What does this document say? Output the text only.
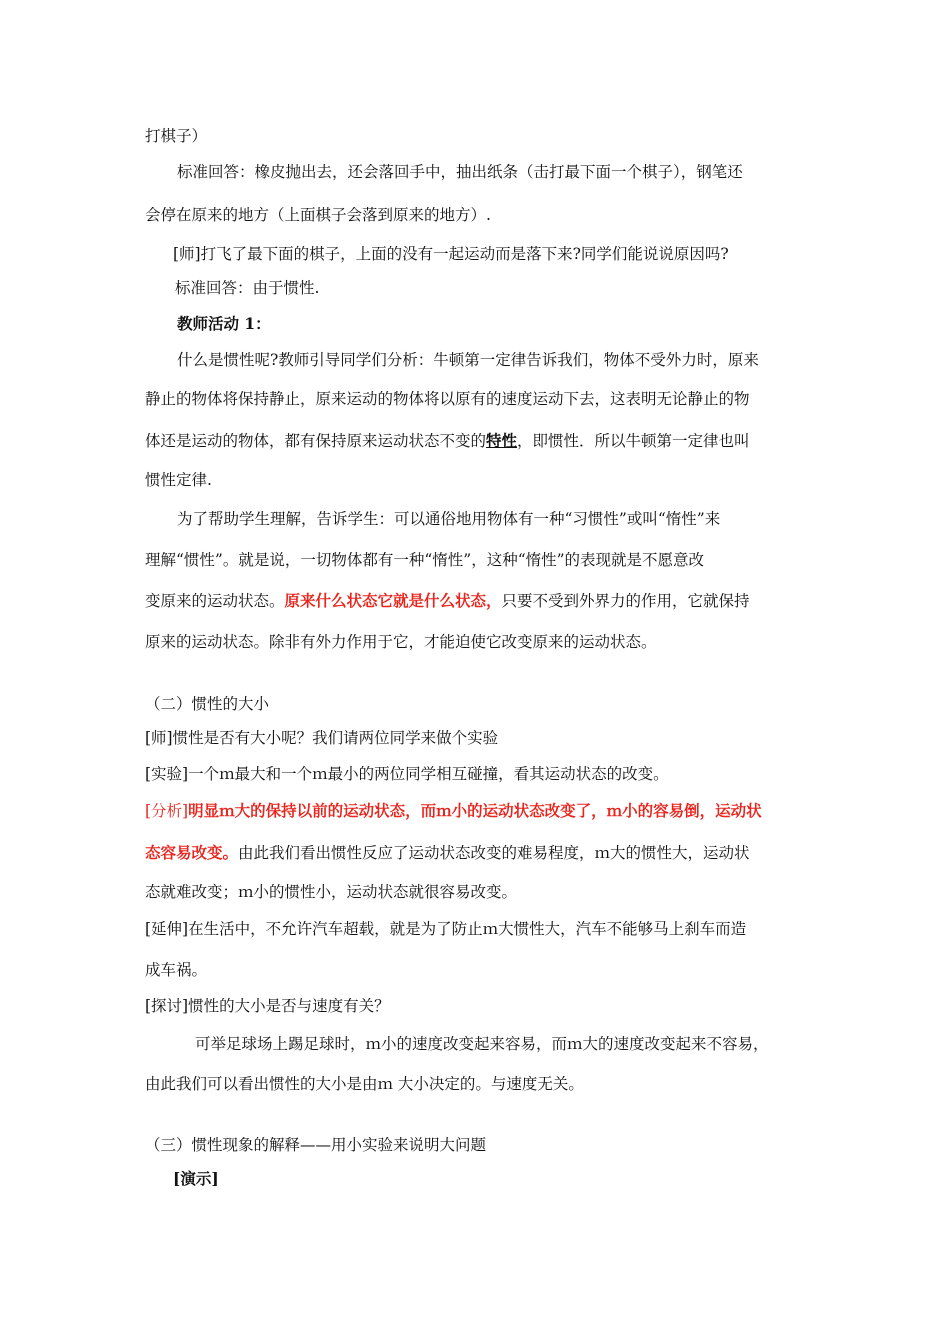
打棋子）
标准回答：橡皮抛出去，还会落回手中，抽出纸条（击打最下面一个棋子），钢笔还
会停在原来的地方（上面棋子会落到原来的地方）.
[师]打飞了最下面的棋子，上面的没有一起运动而是落下来?同学们能说说原因吗?
标准回答：由于惯性.
教师活动 1：
什么是惯性呢?教师引导同学们分析：牛顿第一定律告诉我们，物体不受外力时，原来
静止的物体将保持静止，原来运动的物体将以原有的速度运动下去，这表明无论静止的物
体还是运动的物体，都有保持原来运动状态不变的特性，即惯性．所以牛顿第一定律也叫
惯性定律.
为了帮助学生理解，告诉学生：可以通俗地用物体有一种“习惯性”或叫“惰性”来
理解“惯性”。就是说，一切物体都有一种“惰性”，这种“惰性”的表现就是不愿意改
变原来的运动状态。原来什么状态它就是什么状态，只要不受到外界力的作用，它就保持
原来的运动状态。除非有外力作用于它，才能迫使它改变原来的运动状态。
（二）惯性的大小
[师]惯性是否有大小呢？我们请两位同学来做个实验
[实验]一个ｍ最大和一个ｍ最小的两位同学相互碰撞，看其运动状态的改变。
[分析]明显ｍ大的保持以前的运动状态，而ｍ小的运动状态改变了，ｍ小的容易倒，运动状
态容易改变。由此我们看出惯性反应了运动状态改变的难易程度，ｍ大的惯性大，运动状
态就难改变；ｍ小的惯性小，运动状态就很容易改变。
[延伸]在生活中，不允许汽车超载，就是为了防止ｍ大惯性大，汽车不能够马上刹车而造
成车祸。
[探讨]惯性的大小是否与速度有关？
可举足球场上踢足球时，ｍ小的速度改变起来容易，而ｍ大的速度改变起来不容易，
由此我们可以看出惯性的大小是由ｍ 大小决定的。与速度无关。
（三）惯性现象的解释——用小实验来说明大问题
[演示]
